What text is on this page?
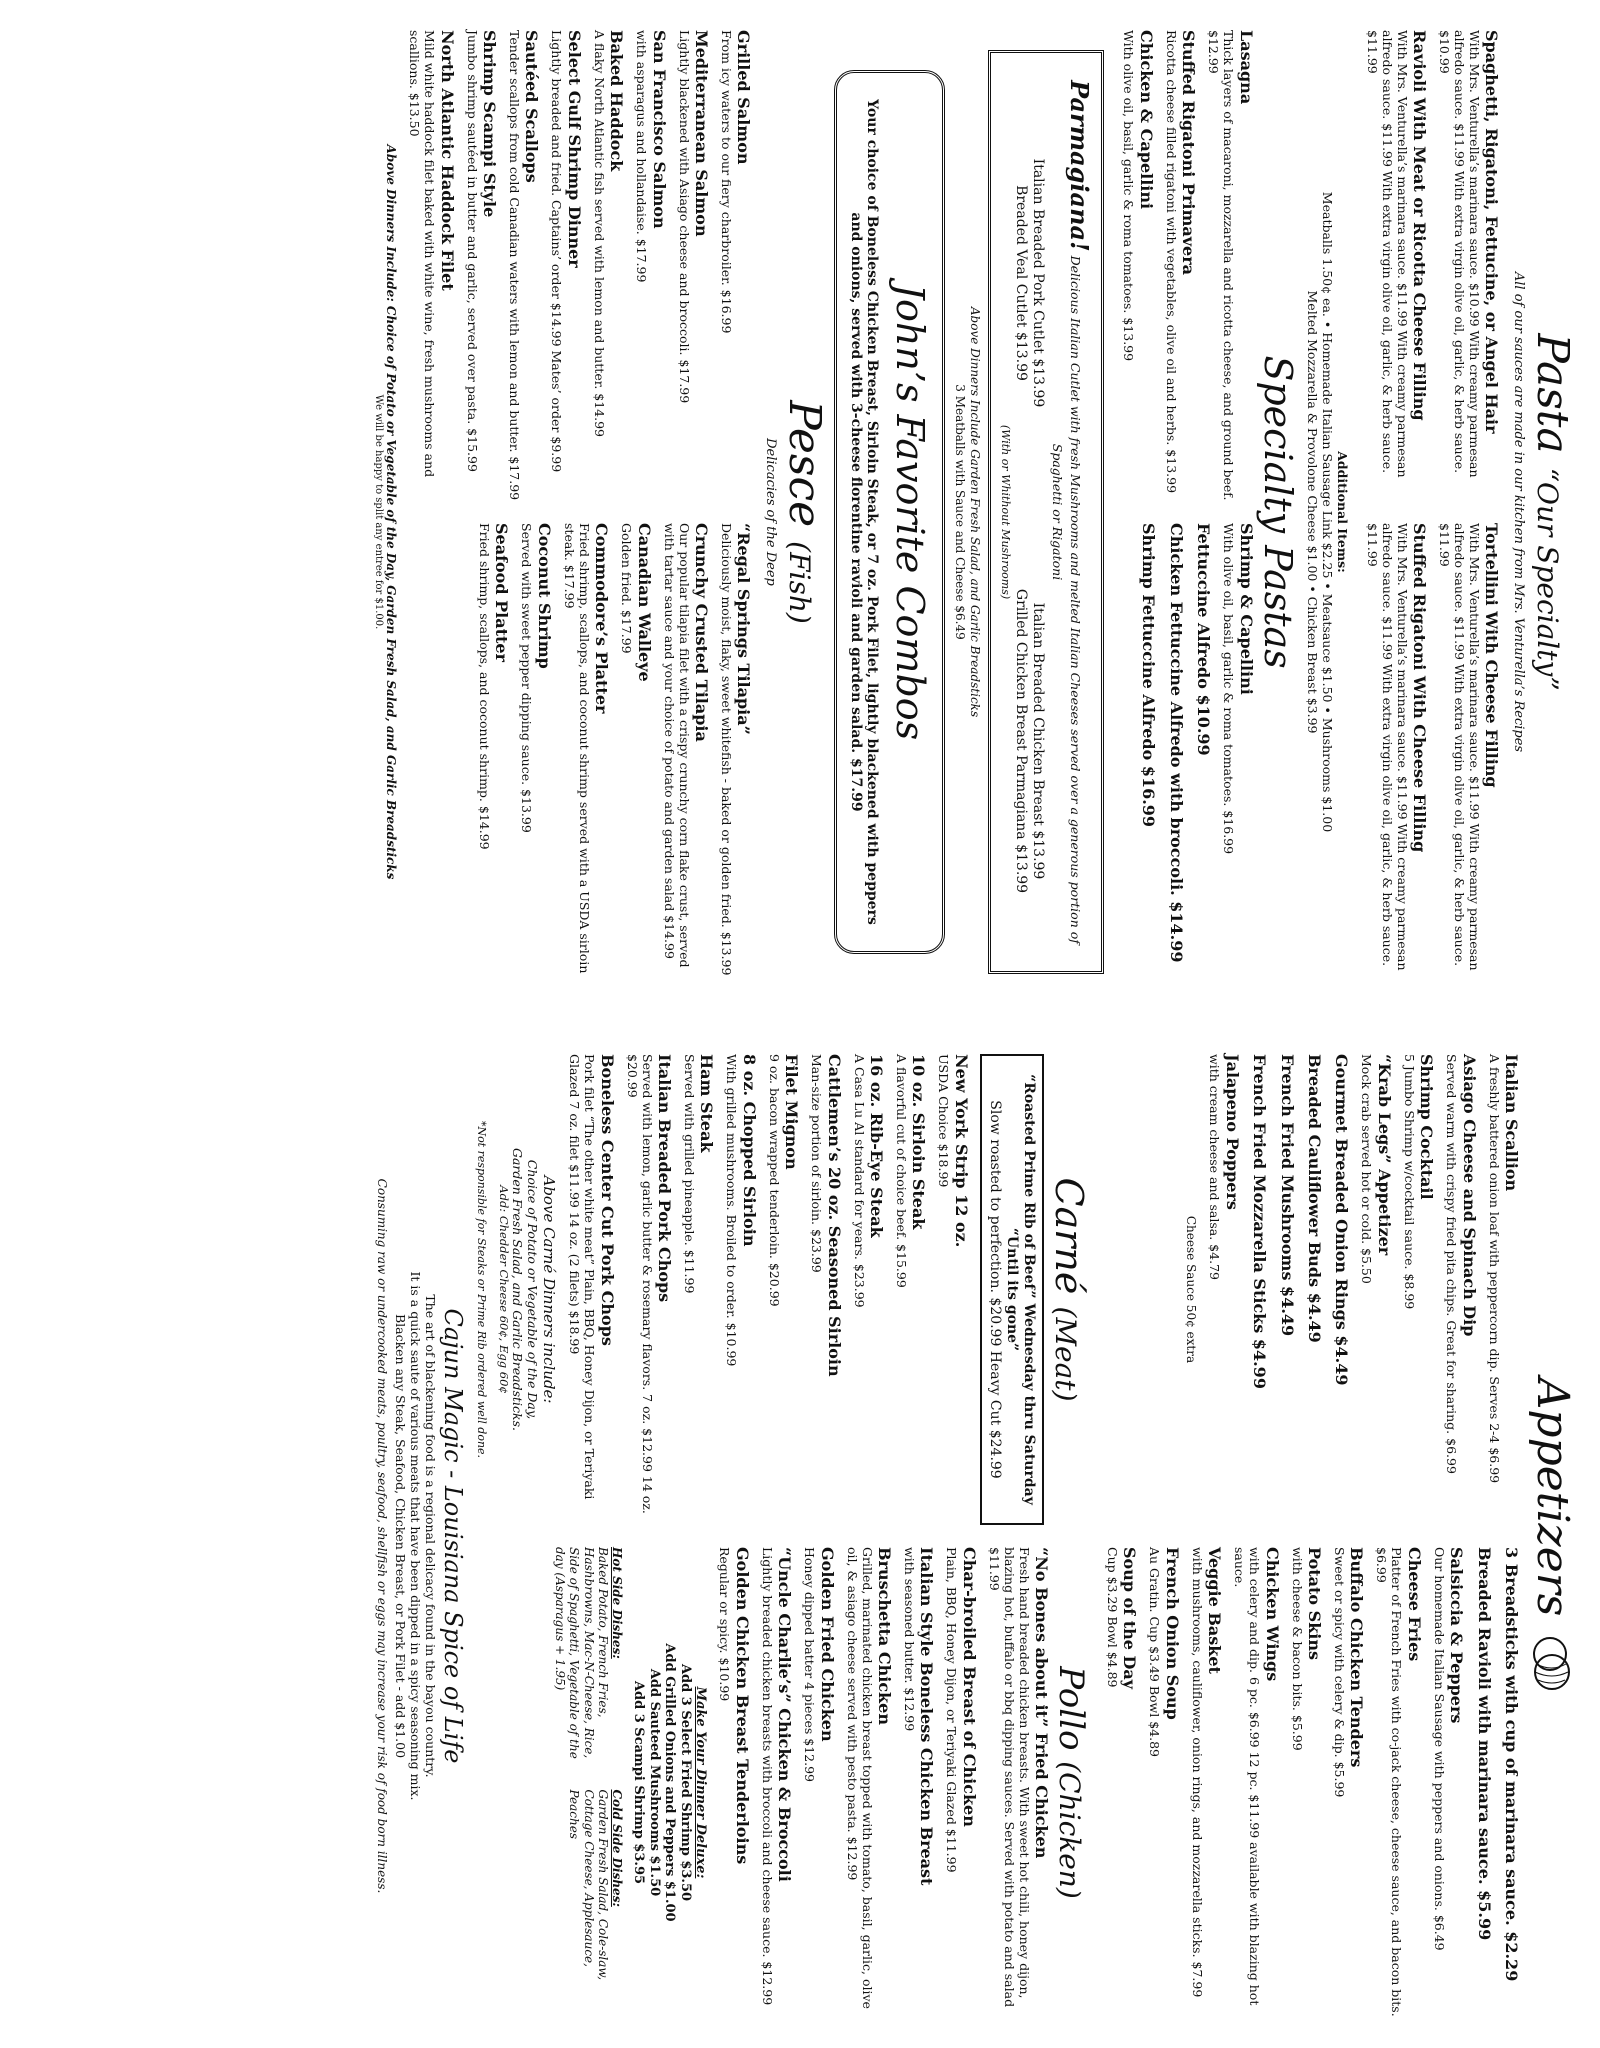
Pasta “Our Specialty”
All of our sauces are made in our kitchen from Mrs. Venturella’s Recipes
Spaghetti, Rigatoni, Fettucine, or Angel Hair
With Mrs. Venturella’s marinara sauce. $10.99 With creamy parmesan alfredo sauce. $11.99 With extra virgin olive oil, garlic, & herb sauce. $10.99
Ravioli With Meat or Ricotta Cheese Filling
With Mrs. Venturella’s marinara sauce. $11.99 With creamy parmesan alfredo sauce. $11.99 With extra virgin olive oil, garlic, & herb sauce. $11.99
Tortellini With Cheese Filling
With Mrs. Venturella’s marinara sauce. $11.99 With creamy parmesan alfredo sauce. $11.99 With extra virgin olive oil, garlic, & herb sauce. $11.99
Stuffed Rigatoni With Cheese Filling
With Mrs. Venturella’s marinara sauce. $11.99 With creamy parmesan alfredo sauce. $11.99 With extra virgin olive oil, garlic, & herb sauce. $11.99
Additional Items:
Meatballs 1.50¢ ea. • Homemade Italian Sausage Link $2.25 • Meatsauce $1.50 • Mushrooms $1.00
Melted Mozzarella & Provolone Cheese $1.00 • Chicken Breast $3.99
Specialty Pastas
Lasagna
Thick layers of macaroni, mozzarella and ricotta cheese, and ground beef. $12.99
Stuffed Rigatoni Primavera
Ricotta cheese filled rigatoni with vegetables, olive oil and herbs. $13.99
Chicken & Capellini
With olive oil, basil, garlic & roma tomatoes. $13.99
Shrimp & Capellini
With olive oil, basil, garlic & roma tomatoes. $16.99
Fettuccine Alfredo $10.99
Chicken Fettuccine Alfredo with broccoli. $14.99
Shrimp Fettuccine Alfredo $16.99
Parmagiana! Delicious Italian Cutlet with fresh Mushrooms and melted Italian Cheeses served over a generous portion of Spaghetti or Rigatoni
Italian Breaded Pork Cutlet $13.99
Breaded Veal Cutlet $13.99
Italian Breaded Chicken Breast $13.99
Grilled Chicken Breast Parmagiana $13.99
(With or Whithout Mushrooms)
Above Dinners Include Garden Fresh Salad, and Garlic Breadsticks
3 Meatballs with Sauce and Cheese $6.49
John’s Favorite Combos
Your choice of Boneless Chicken Breast, Sirloin Steak, or 7 oz. Pork Filet, lightly blackened with peppers and onions, served with 3-cheese florentine ravioli and garden salad. $17.99
Pesce (Fish)
Delicacies of the Deep
Grilled Salmon
From icy waters to our fiery charbroiler. $16.99
Mediterranean Salmon
Lightly blackened with Asiago cheese and broccoli. $17.99
San Francisco Salmon
with asparagus and hollandaise. $17.99
Baked Haddock
A flaky North Atlantic fish served with lemon and butter. $14.99
Select Gulf Shrimp Dinner
Lightly breaded and fried. Captains’ order $14.99 Mates’ order $9.99
Sautéed Scallops
Tender scallops from cold Canadian waters with lemon and butter. $17.99
Shrimp Scampi Style
Jumbo shrimp sautéed in butter and garlic, served over pasta. $15.99
North Atlantic Haddock Filet
Mild white haddock filet baked with white wine, fresh mushrooms and scallions. $13.50
“Regal Springs Tilapia”
Deliciously moist, flaky, sweet whitefish - baked or golden fried. $13.99
Crunchy Crusted Tilapia
Our popular tilapia filet with a crispy crunchy corn flake crust, served with tartar sauce and your choice of potato and garden salad $14.99
Canadian Walleye
Golden fried. $17.99
Commodore’s Platter
Fried shrimp, scallops, and coconut shrimp served with a USDA sirloin steak. $17.99
Coconut Shrimp
Served with sweet pepper dipping sauce. $13.99
Seafood Platter
Fried shrimp, scallops, and coconut shrimp. $14.99
Above Dinners Include: Choice of Potato or Vegetable of the Day, Garden Fresh Salad, and Garlic Breadsticks
We will be happy to split any entree for $1.00.
Appetizers
Italian Scallion
A freshly battered onion loaf with peppercorn dip. Serves 2-4 $6.99
Asiago Cheese and Spinach Dip
Served warm with crispy fried pita chips. Great for sharing. $6.99
Shrimp Cocktail
5 Jumbo Shrimp w/cocktail sauce. $8.99
“Krab Legs” Appetizer
Mock crab served hot or cold. $5.50
Gourmet Breaded Onion Rings $4.49
Breaded Cauliflower Buds $4.49
French Fried Mushrooms $4.49
French Fried Mozzarella Sticks $4.99
Jalapeno Poppers
with cream cheese and salsa. $4.79
Cheese Sauce 50¢ extra
3 Breadsticks with cup of marinara sauce. $2.29
Breaded Ravioli with marinara sauce. $5.99
Salsiccia & Peppers
Our homemade Italian Sausage with peppers and onions. $6.49
Cheese Fries
Platter of French Fries with co-jack cheese, cheese sauce, and bacon bits. $6.99
Buffalo Chicken Tenders
Sweet or spicy with celery & dip. $5.99
Potato Skins
with cheese & bacon bits. $5.99
Chicken Wings
with celery and dip. 6 pc. $6.99 12 pc. $11.99 available with blazing hot sauce.
Veggie Basket
with mushrooms, cauliflower, onion rings, and mozzarella sticks. $7.99
French Onion Soup
Au Gratin. Cup $3.49 Bowl $4.89
Soup of the Day
Cup $3.29 Bowl $4.89
Carné (Meat)
“Roasted Prime Rib of Beef” Wednesday thru Saturday “Until its gone”
Slow roasted to perfection. $20.99 Heavy Cut $24.99
New York Strip 12 oz.
USDA Choice $18.99
10 oz. Sirloin Steak
A flavorful cut of choice beef. $15.99
16 oz. Rib-Eye Steak
A Casa Lu Al standard for years. $23.99
Cattlemen’s 20 oz. Seasoned Sirloin
Man-size portion of sirloin. $23.99
Filet Mignon
9 oz. bacon wrapped tenderloin. $20.99
8 oz. Chopped Sirloin
With grilled mushrooms. Broiled to order. $10.99
Ham Steak
Served with grilled pineapple. $11.99
Italian Breaded Pork Chops
Served with lemon, garlic butter & rosemary flavors. 7 oz. $12.99 14 oz. $20.99
Boneless Center Cut Pork Chops
Pork filet “The other white meat” Plain, BBQ, Honey Dijon, or Teriyaki Glazed 7 oz. filet $11.99 14 oz. (2 filets) $18.99
Above Carné Dinners include:
Choice of Potato or Vegetable of the Day,
Garden Fresh Salad, and Garlic Breadsticks.
Add: Chedder Cheese 60¢, Egg 60¢
*Not responsible for Steaks or Prime Rib ordered well done.
Pollo (Chicken)
“No Bones about it” Fried Chicken
Fresh hand breaded chicken breasts. With sweet hot chili, honey dijon, blazing hot, buffalo or bbq dipping sauces. Served with potato and salad $11.99
Char-broiled Breast of Chicken
Plain, BBQ, Honey Dijon, or Teriyaki Glazed $11.99
Italian Style Boneless Chicken Breast
with seasoned butter. $12.99
Bruschetta Chicken
Grilled, marinated chicken breast topped with tomato, basil, garlic, olive oil, & asiago cheese served with pesto pasta. $12.99
Golden Fried Chicken
Honey dipped batter 4 pieces $12.99
“Uncle Charlie’s” Chicken & Broccoli
Lightly breaded chicken breasts with broccoli and cheese sauce. $12.99
Golden Chicken Breast Tenderloins
Regular or spicy. $10.99
Make Your Dinner Deluxe:
Add 3 Select Fried Shrimp $3.50
Add Grilled Onions and Peppers $1.00
Add Sauteed Mushrooms $1.50
Add 3 Scampi Shrimp $3.95
Hot Side Dishes:
Baked Potato, French Fries, Hashbrowns, Mac-N-Cheese, Rice, Side of Spaghetti, Vegetable of the day (Asparagus + 1.95)
Cold Side Dishes:
Garden Fresh Salad, Cole-slaw, Cottage Cheese, Applesauce, Peaches
Cajun Magic - Louisiana Spice of Life
The art of blackening food is a regional delicacy found in the bayou country.
It is a quick saute of various meats that have been dipped in a spicy seasoning mix.
Blacken any Steak, Seafood, Chicken Breast, or Pork Filet - add $1.00
Consuming raw or undercooked meats, poultry, seafood, shellfish or eggs may increase your risk of food born illness.
